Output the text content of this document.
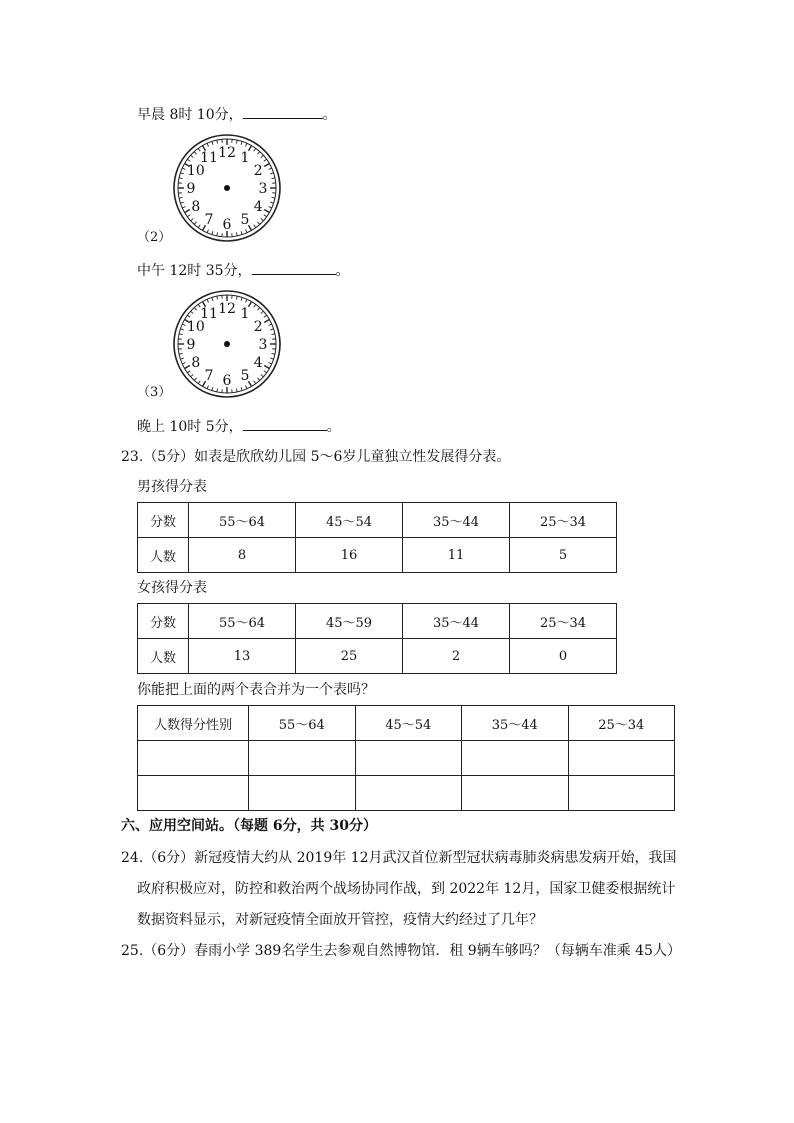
早晨 8时 10分，	。
12 1
2
3
4
5
6
7
8
9
10
11
（2）
中午 12时 35分，	。
12 1
2
3
4
5
6
7
8
9
10
11
（3）
晚上 10时 5分，	。
23.（5分）如表是欣欣幼儿园 5～6岁儿童独立性发展得分表。
男孩得分表
分数	55～64	45～54	35～44	25～34
人数	8	16	11	5
女孩得分表
分数	55～64	45～59	35～44	25～34
人数	13	25	2	0
你能把上面的两个表合并为一个表吗？
人数得分性别	55～64	45～54	35～44	25～34

六、应用空间站。（每题 6分，共 30分）
24.（6分）新冠疫情大约从 2019年 12月武汉首位新型冠状病毒肺炎病患发病开始，我国
政府积极应对，防控和救治两个战场协同作战，到 2022年 12月，国家卫健委根据统计
数据资料显示，对新冠疫情全面放开管控，疫情大约经过了几年？
25.（6分）春雨小学 389名学生去参观自然博物馆．租 9辆车够吗？（每辆车准乘 45人）
